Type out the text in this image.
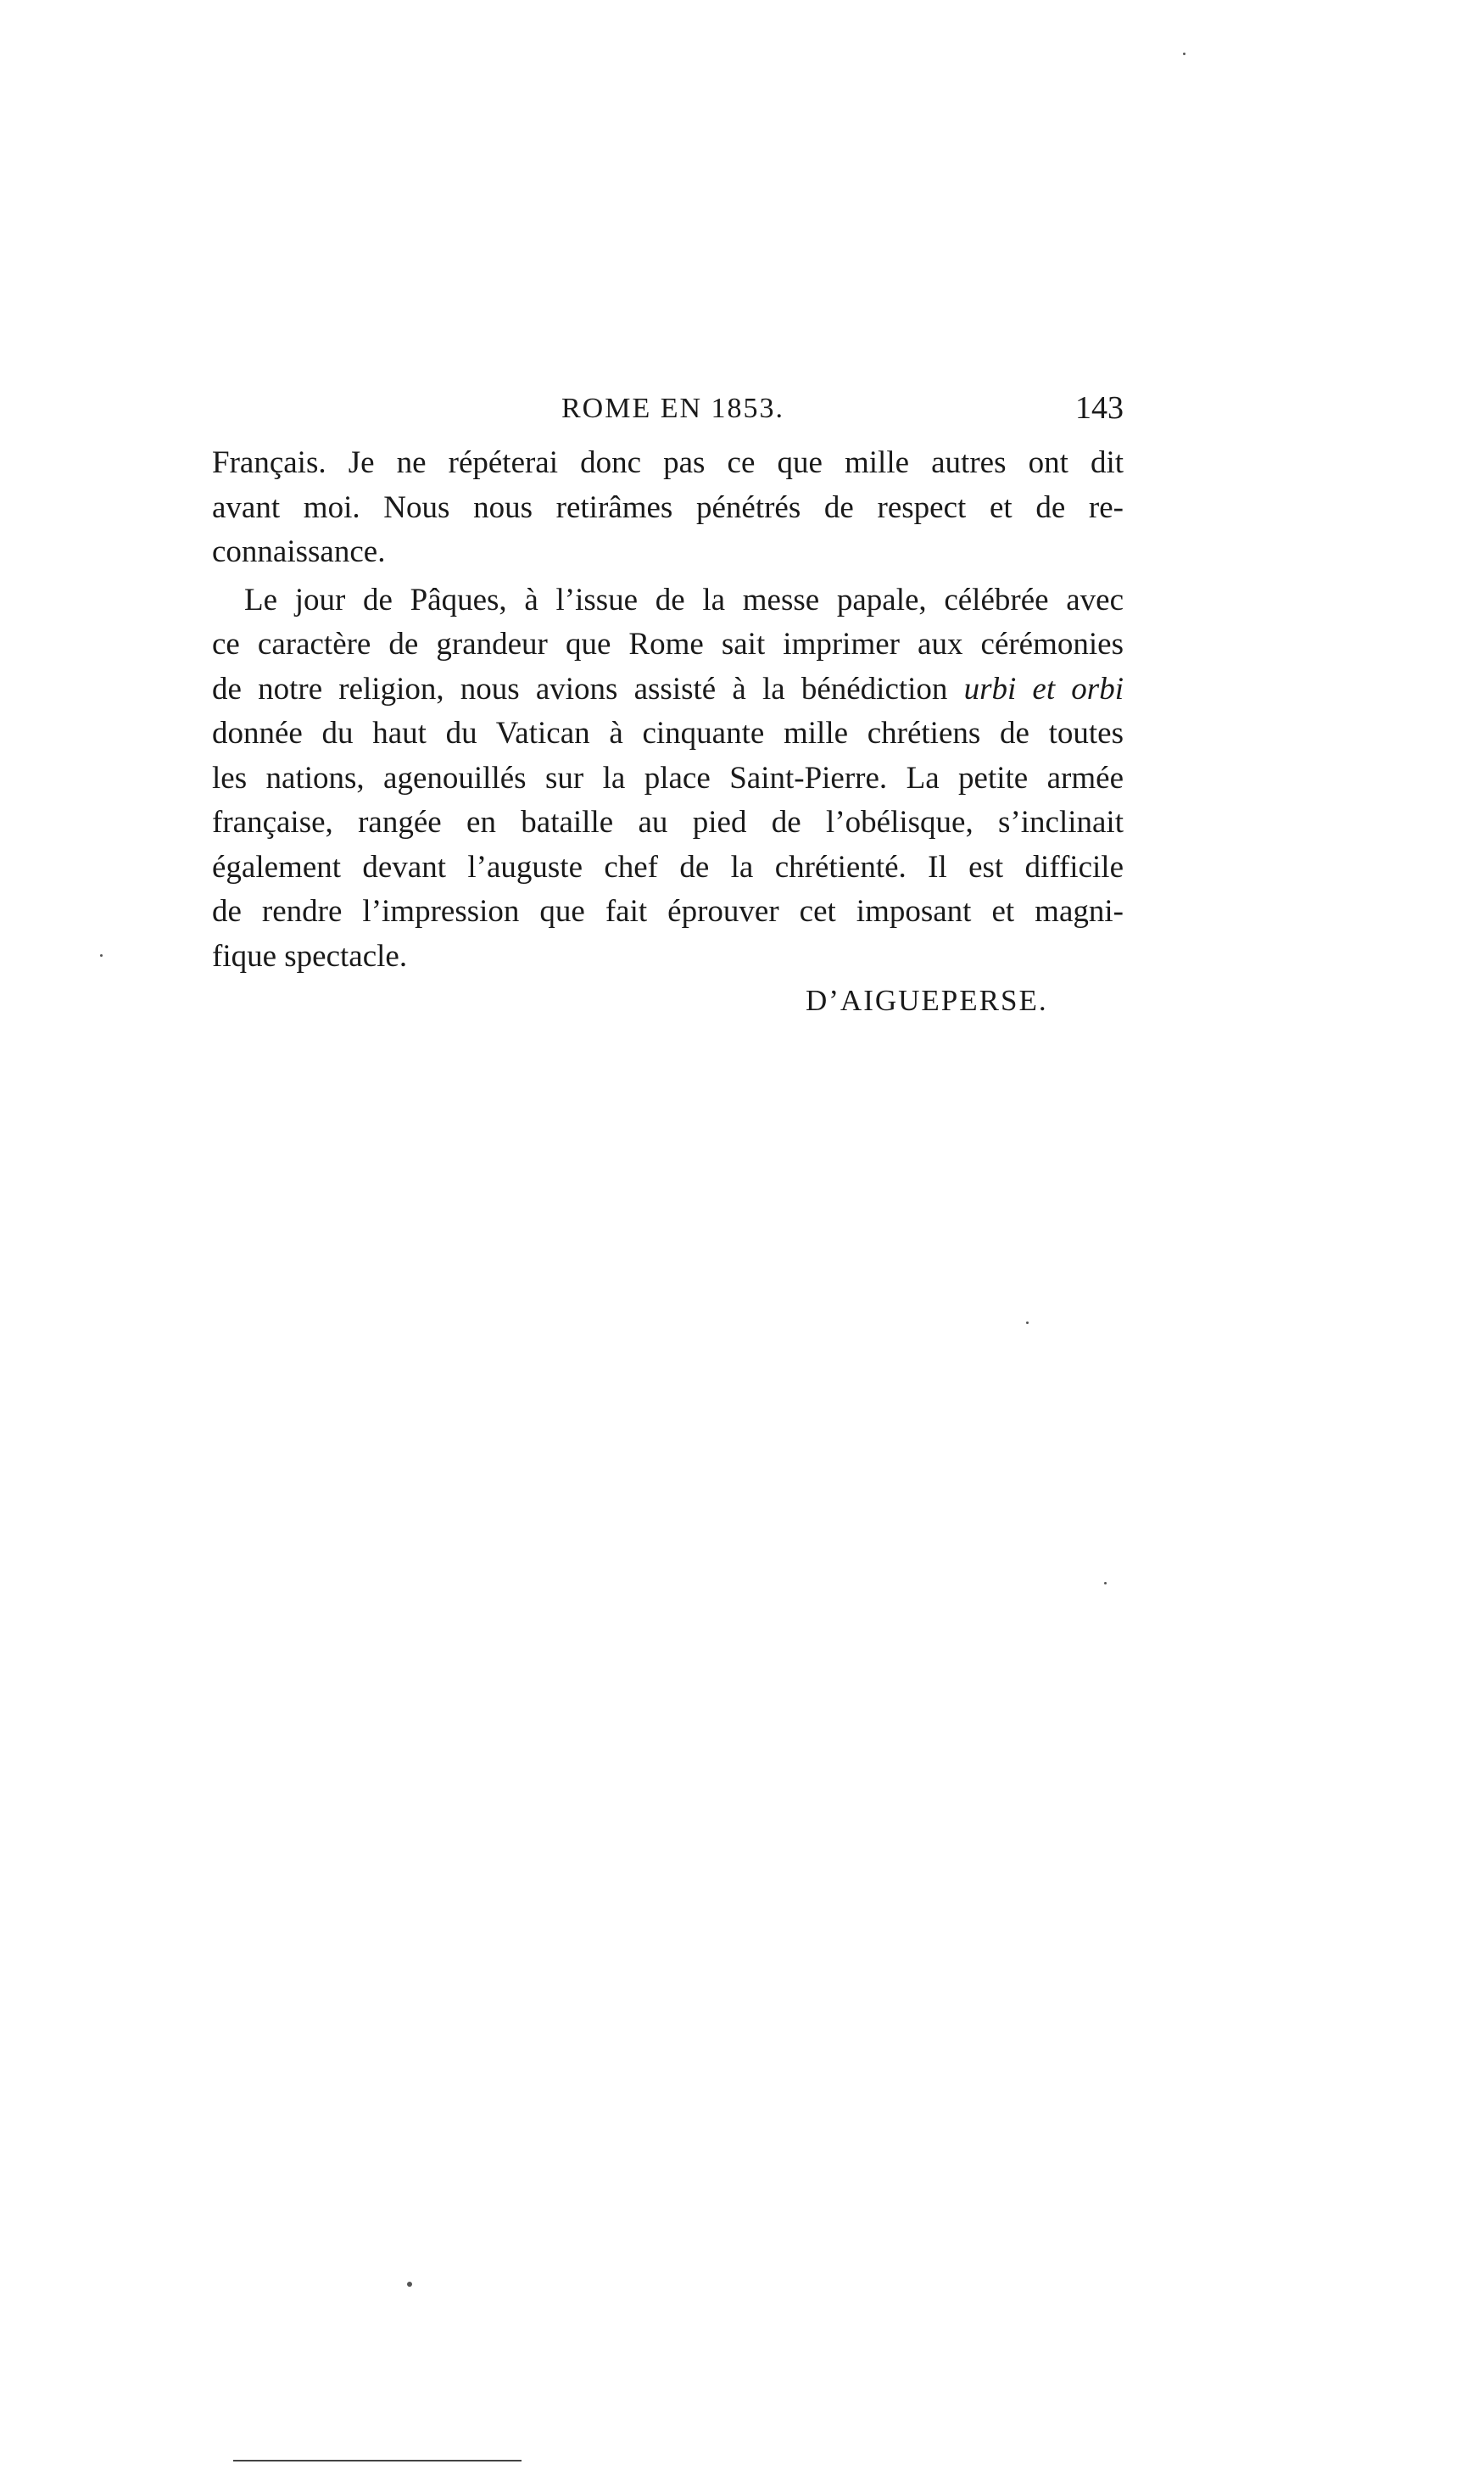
ROME EN 1853.	143

Français. Je ne répéterai donc pas ce que mille autres ont dit
avant moi. Nous nous retirâmes pénétrés de respect et de re-
connaissance.

Le jour de Pâques, à l’issue de la messe papale, célébrée avec
ce caractère de grandeur que Rome sait imprimer aux cérémonies
de notre religion, nous avions assisté à la bénédiction urbi et orbi
donnée du haut du Vatican à cinquante mille chrétiens de toutes
les nations, agenouillés sur la place Saint-Pierre. La petite armée
française, rangée en bataille au pied de l’obélisque, s’inclinait
également devant l’auguste chef de la chrétienté. Il est difficile
de rendre l’impression que fait éprouver cet imposant et magni-
fique spectacle.

D’AIGUEPERSE.
